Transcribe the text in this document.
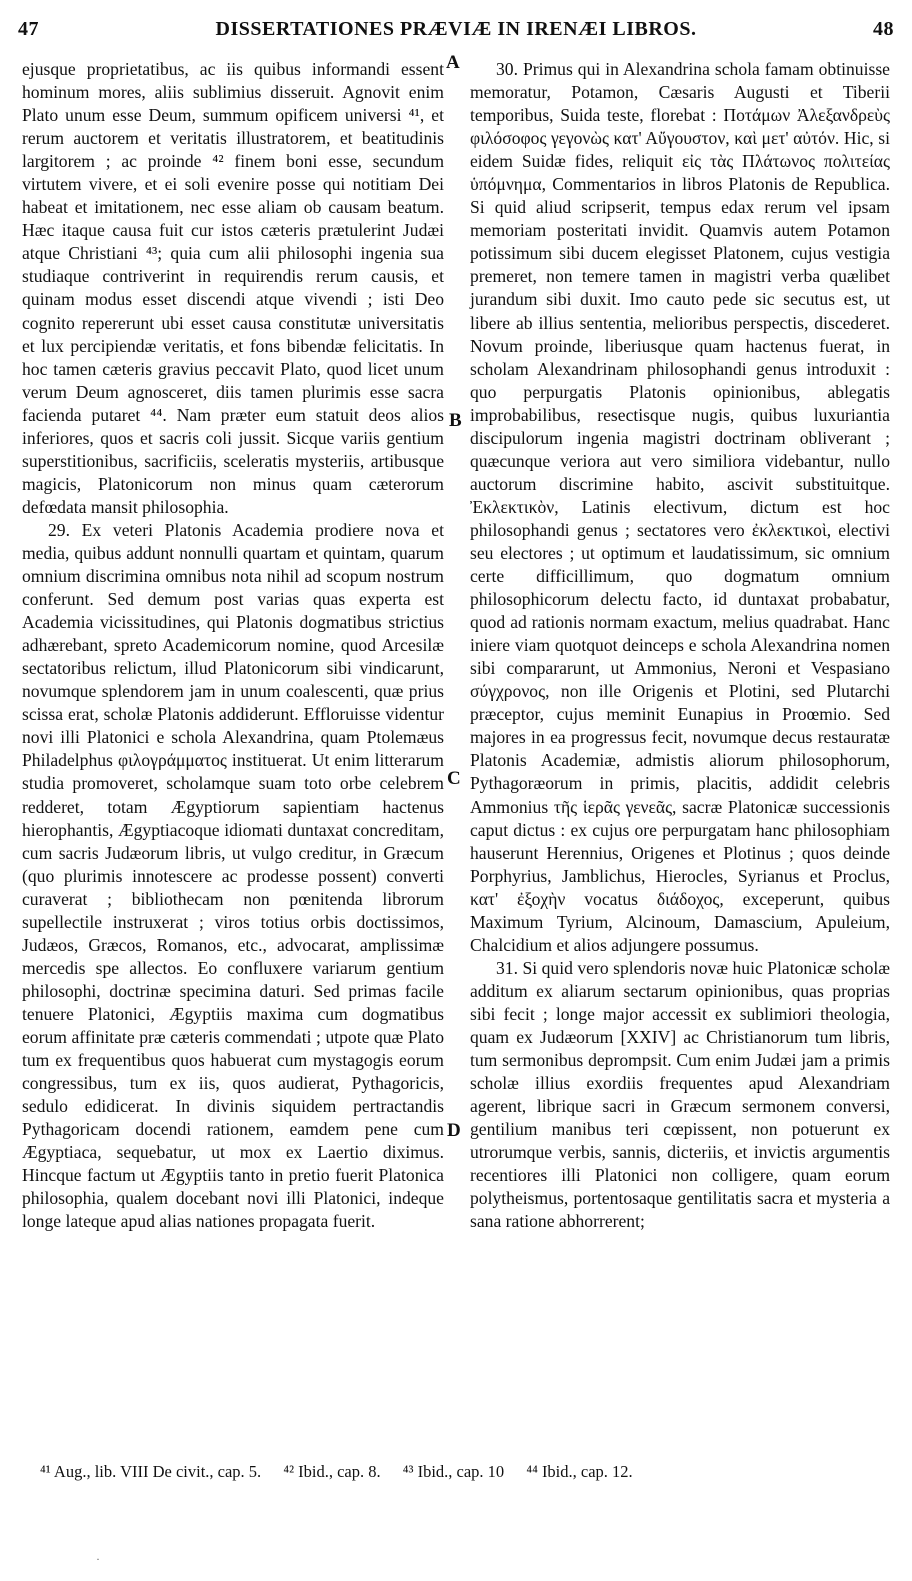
47	DISSERTATIONES PRÆVIÆ IN IRENÆI LIBROS.	48

ejusque proprietatibus, ac iis quibus informandi essent hominum mores, aliis sublimius disseruit. Agnovit enim Plato unum esse Deum, summum opificem universi ⁴¹, et rerum auctorem et veritatis illustratorem, et beatitudinis largitorem ; ac proinde ⁴² finem boni esse, secundum virtutem vivere, et ei soli evenire posse qui notitiam Dei habeat et imitationem, nec esse aliam ob causam beatum. Hæc itaque causa fuit cur istos cæteris prætulerint Judæi atque Christiani ⁴³; quia cum alii philosophi ingenia sua studiaque contriverint in requirendis rerum causis, et quinam modus esset discendi atque vivendi ; isti Deo cognito repererunt ubi esset causa constitutæ universitatis et lux percipiendæ veritatis, et fons bibendæ felicitatis. In hoc tamen cæteris gravius peccavit Plato, quod licet unum verum Deum agnosceret, diis tamen plurimis esse sacra facienda putaret ⁴⁴. Nam præter eum statuit deos alios inferiores, quos et sacris coli jussit. Sicque variis gentium superstitionibus, sacrificiis, sceleratis mysteriis, artibusque magicis, Platonicorum non minus quam cæterorum defœdata mansit philosophia.

29. Ex veteri Platonis Academia prodiere nova et media, quibus addunt nonnulli quartam et quintam, quarum omnium discrimina omnibus nota nihil ad scopum nostrum conferunt. Sed demum post varias quas experta est Academia vicissitudines, qui Platonis dogmatibus strictius adhærebant, spreto Academicorum nomine, quod Arcesilæ sectatoribus relictum, illud Platonicorum sibi vindicarunt, novumque splendorem jam in unum coalescenti, quæ prius scissa erat, scholæ Platonis addiderunt. Effloruisse videntur novi illi Platonici e schola Alexandrina, quam Ptolemæus Philadelphus φιλογράμματος instituerat. Ut enim litterarum studia promoveret, scholamque suam toto orbe celebrem redderet, totam Ægyptiorum sapientiam hactenus hierophantis, Ægyptiacoque idiomati duntaxat concreditam, cum sacris Judæorum libris, ut vulgo creditur, in Græcum (quo plurimis innotescere ac prodesse possent) converti curaverat ; bibliothecam non pœnitenda librorum supellectile instruxerat ; viros totius orbis doctissimos, Judæos, Græcos, Romanos, etc., advocarat, amplissimæ mercedis spe allectos. Eo confluxere variarum gentium philosophi, doctrinæ specimina daturi. Sed primas facile tenuere Platonici, Ægyptiis maxima cum dogmatibus eorum affinitate præ cæteris commendati ; utpote quæ Plato tum ex frequentibus quos habuerat cum mystagogis eorum congressibus, tum ex iis, quos audierat, Pythagoricis, sedulo edidicerat. In divinis siquidem pertractandis Pythagoricam docendi rationem, eamdem pene cum Ægyptiaca, sequebatur, ut mox ex Laertio diximus. Hincque factum ut Ægyptiis tanto in pretio fuerit Platonica philosophia, qualem docebant novi illi Platonici, indeque longe lateque apud alias nationes propagata fuerit.

A
B
C
D

30. Primus qui in Alexandrina schola famam obtinuisse memoratur, Potamon, Cæsaris Augusti et Tiberii temporibus, Suida teste, florebat : Ποτάμων Ἀλεξανδρεὺς φιλόσοφος γεγονὼς κατ' Αὔγουστον, καὶ μετ' αὐτόν. Hic, si eidem Suidæ fides, reliquit εἰς τὰς Πλάτωνος πολιτείας ὑπόμνημα, Commentarios in libros Platonis de Republica. Si quid aliud scripserit, tempus edax rerum vel ipsam memoriam posteritati invidit. Quamvis autem Potamon potissimum sibi ducem elegisset Platonem, cujus vestigia premeret, non temere tamen in magistri verba quælibet jurandum sibi duxit. Imo cauto pede sic secutus est, ut libere ab illius sententia, melioribus perspectis, discederet. Novum proinde, liberiusque quam hactenus fuerat, in scholam Alexandrinam philosophandi genus introduxit : quo perpurgatis Platonis opinionibus, ablegatis improbabilibus, resectisque nugis, quibus luxuriantia discipulorum ingenia magistri doctrinam obliverant ; quæcunque veriora aut vero similiora videbantur, nullo auctorum discrimine habito, ascivit substituitque. Ἐκλεκτικὸν, Latinis electivum, dictum est hoc philosophandi genus ; sectatores vero ἐκλεκτικοὶ, electivi seu electores ; ut optimum et laudatissimum, sic omnium certe difficillimum, quo dogmatum omnium philosophicorum delectu facto, id duntaxat probabatur, quod ad rationis normam exactum, melius quadrabat. Hanc iniere viam quotquot deinceps e schola Alexandrina nomen sibi compararunt, ut Ammonius, Neroni et Vespasiano σύγχρονος, non ille Origenis et Plotini, sed Plutarchi præceptor, cujus meminit Eunapius in Proœmio. Sed majores in ea progressus fecit, novumque decus restauratæ Platonis Academiæ, admistis aliorum philosophorum, Pythagoræorum in primis, placitis, addidit celebris Ammonius τῆς ἱερᾶς γενεᾶς, sacræ Platonicæ successionis caput dictus : ex cujus ore perpurgatam hanc philosophiam hauserunt Herennius, Origenes et Plotinus ; quos deinde Porphyrius, Jamblichus, Hierocles, Syrianus et Proclus, κατ' ἐξοχὴν vocatus διάδοχος, exceperunt, quibus Maximum Tyrium, Alcinoum, Damascium, Apuleium, Chalcidium et alios adjungere possumus.

31. Si quid vero splendoris novæ huic Platonicæ scholæ additum ex aliarum sectarum opinionibus, quas proprias sibi fecit ; longe major accessit ex sublimiori theologia, quam ex Judæorum [XXIV] ac Christianorum tum libris, tum sermonibus deprompsit. Cum enim Judæi jam a primis scholæ illius exordiis frequentes apud Alexandriam agerent, librique sacri in Græcum sermonem conversi, gentilium manibus teri cœpissent, non potuerunt ex utrorumque verbis, sannis, dicteriis, et invictis argumentis recentiores illi Platonici non colligere, quam eorum polytheismus, portentosaque gentilitatis sacra et mysteria a sana ratione abhorrerent;

⁴¹ Aug., lib. VIII De civit., cap. 5. ⁴² Ibid., cap. 8. ⁴³ Ibid., cap. 10 ⁴⁴ Ibid., cap. 12.
·
